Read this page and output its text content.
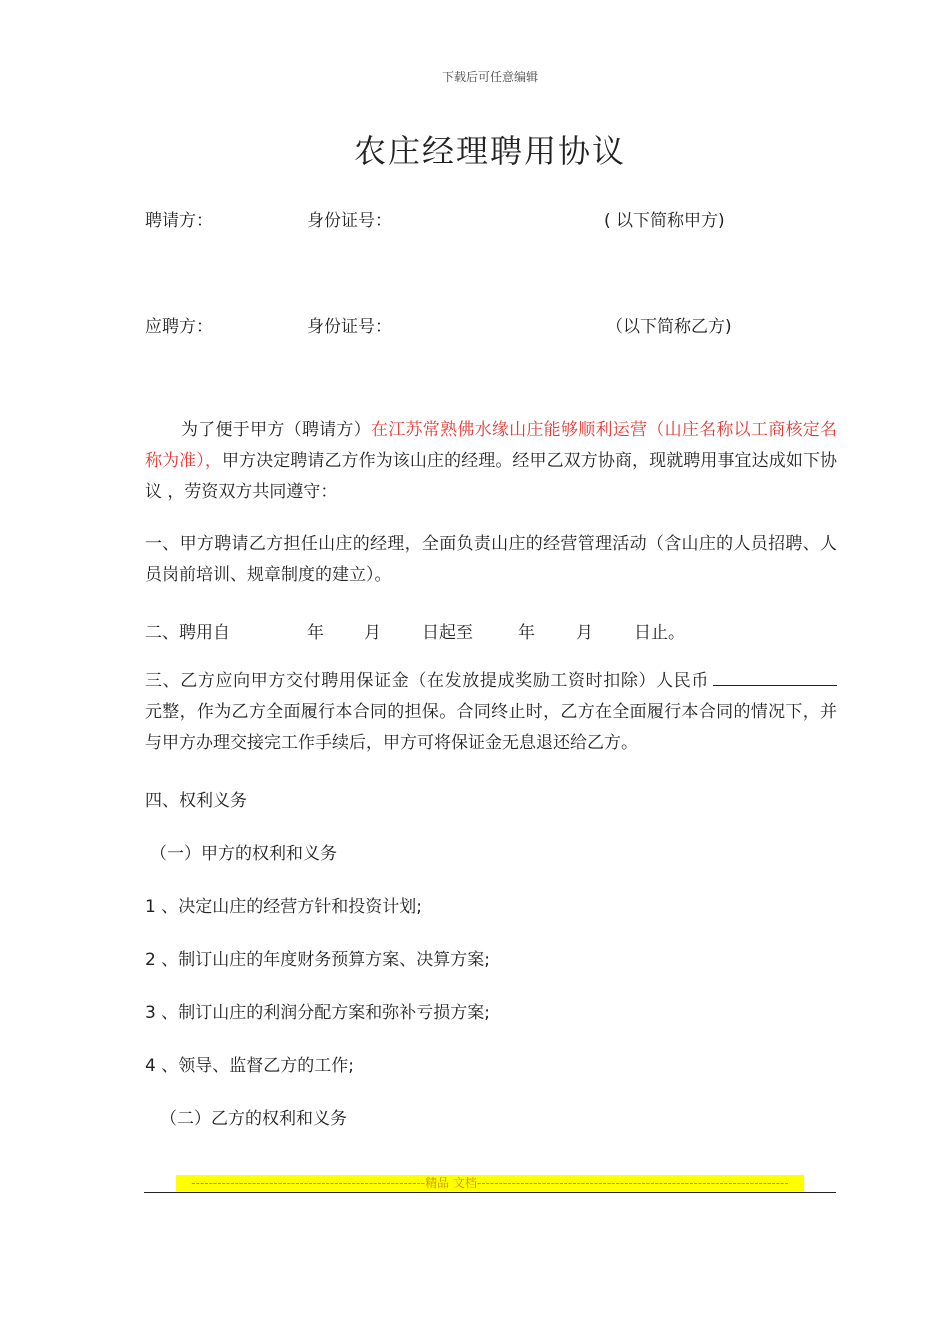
下载后可任意编辑
农庄经理聘用协议
聘请方：	身份证号：	( 以下简称甲方)
应聘方：	身份证号：	（以下简称乙方)
为了便于甲方（聘请方）在江苏常熟佛水缘山庄能够顺利运营（山庄名称以工商核定名称为准），甲方决定聘请乙方作为该山庄的经理。经甲乙双方协商，现就聘用事宜达成如下协议 ，劳资双方共同遵守：
一、甲方聘请乙方担任山庄的经理，全面负责山庄的经营管理活动（含山庄的人员招聘、人员岗前培训、规章制度的建立）。
二、聘用自	年 月 日起至	年 月 日止。
三、乙方应向甲方交付聘用保证金（在发放提成奖励工资时扣除）人民币 元整，作为乙方全面履行本合同的担保。合同终止时，乙方在全面履行本合同的情况下，并与甲方办理交接完工作手续后，甲方可将保证金无息退还给乙方。
四、权利义务
（一）甲方的权利和义务
1 、决定山庄的经营方针和投资计划;
2 、制订山庄的年度财务预算方案、决算方案;
3 、制订山庄的利润分配方案和弥补亏损方案;
4 、领导、监督乙方的工作;
（二）乙方的权利和义务
------------------------------------------------------精品 文档------------------------------------------------------------------------
